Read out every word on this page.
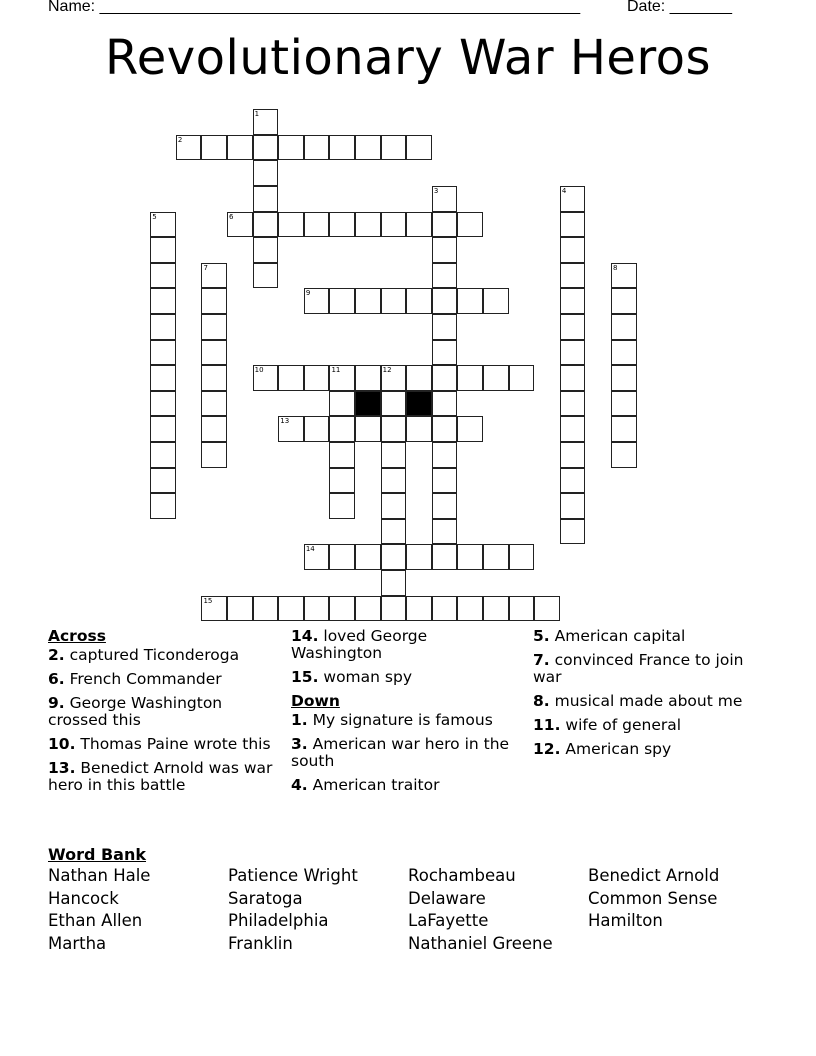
Name: ______________________________________________________	Date: _______
Revolutionary War Heros
1
2
3	4
5	6
7	8
9
10	11	12
13
14
15
Across
2. captured Ticonderoga
6. French Commander
9. George Washington crossed this
10. Thomas Paine wrote this
13. Benedict Arnold was war hero in this battle
14. loved George Washington
15. woman spy
Down
1. My signature is famous
3. American war hero in the south
4. American traitor
5. American capital
7. convinced France to join war
8. musical made about me
11. wife of general
12. American spy
Word Bank
Nathan Hale
Hancock
Ethan Allen
Martha
Patience Wright
Saratoga
Philadelphia
Franklin
Rochambeau
Delaware
LaFayette
Nathaniel Greene
Benedict Arnold
Common Sense
Hamilton
